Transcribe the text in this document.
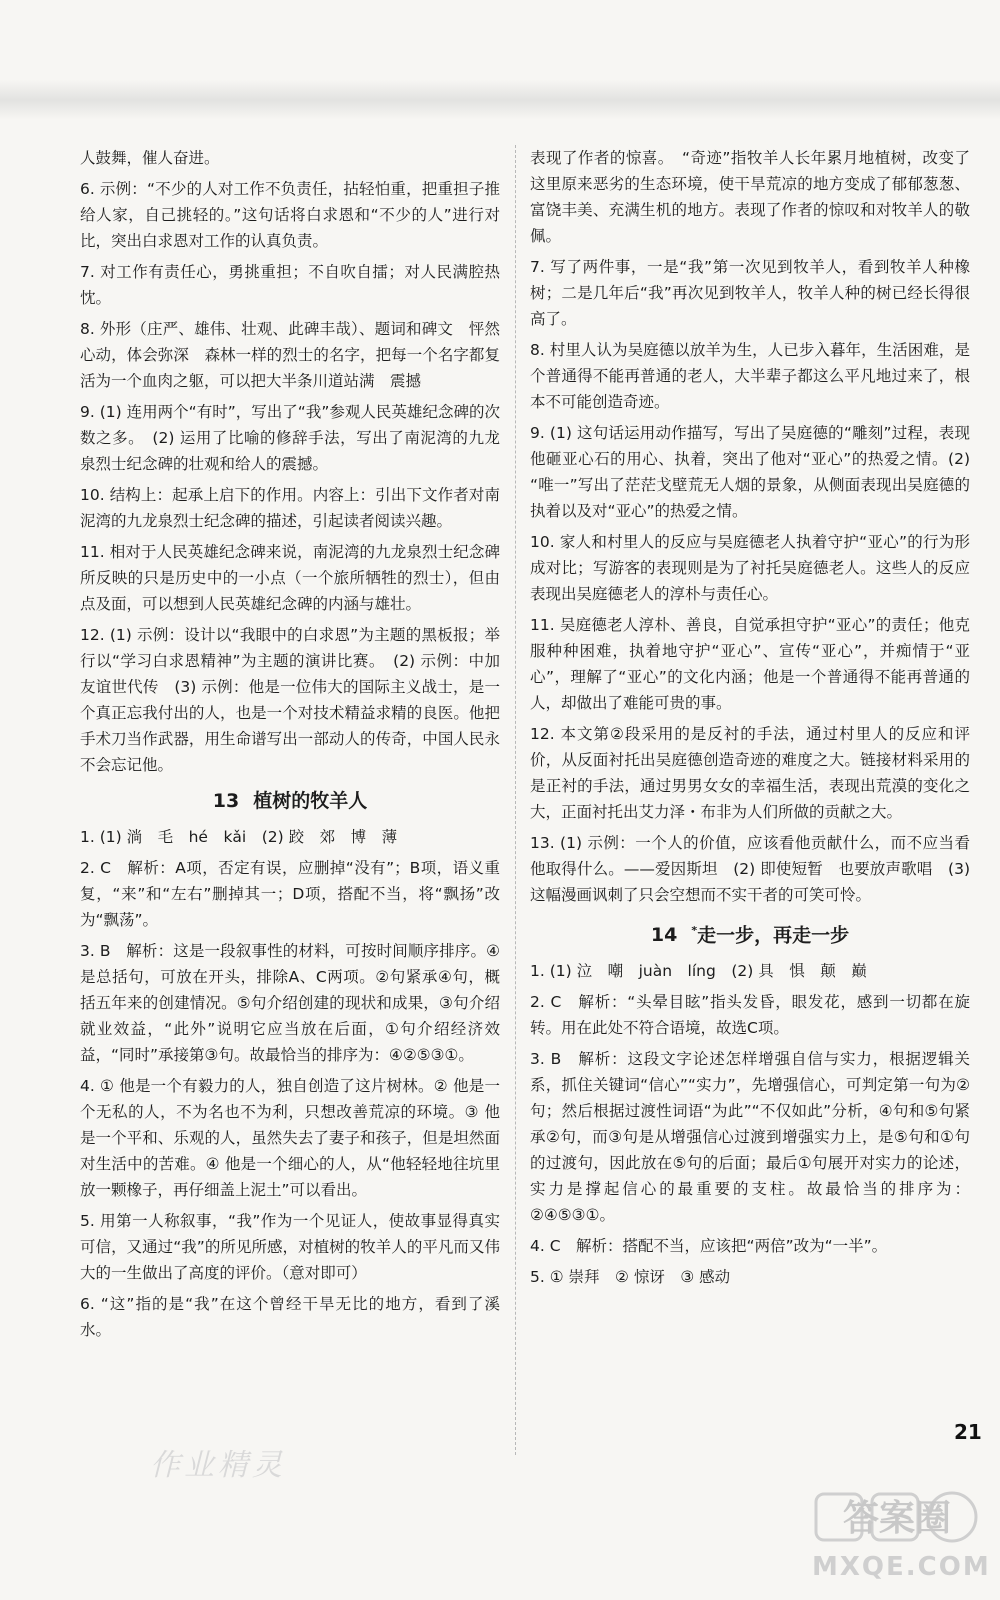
人鼓舞，催人奋进。

6. 示例：“不少的人对工作不负责任，拈轻怕重，把重担子推给人家，自己挑轻的。”这句话将白求恩和“不少的人”进行对比，突出白求恩对工作的认真负责。

7. 对工作有责任心，勇挑重担；不自吹自擂；对人民满腔热忱。

8. 外形（庄严、雄伟、壮观、此碑丰哉）、题词和碑文　怦然心动，体会弥深　森林一样的烈士的名字，把每一个名字都复活为一个血肉之躯，可以把大半条川道站满　震撼

9. (1) 连用两个“有时”，写出了“我”参观人民英雄纪念碑的次数之多。　(2) 运用了比喻的修辞手法，写出了南泥湾的九龙泉烈士纪念碑的壮观和给人的震撼。

10. 结构上：起承上启下的作用。内容上：引出下文作者对南泥湾的九龙泉烈士纪念碑的描述，引起读者阅读兴趣。

11. 相对于人民英雄纪念碑来说，南泥湾的九龙泉烈士纪念碑所反映的只是历史中的一小点（一个旅所牺牲的烈士），但由点及面，可以想到人民英雄纪念碑的内涵与雄壮。

12. (1) 示例：设计以“我眼中的白求恩”为主题的黑板报；举行以“学习白求恩精神”为主题的演讲比赛。　(2) 示例：中加友谊世代传　(3) 示例：他是一位伟大的国际主义战士，是一个真正忘我付出的人，也是一个对技术精益求精的良医。他把手术刀当作武器，用生命谱写出一部动人的传奇，中国人民永不会忘记他。

13 植树的牧羊人

1. (1) 淌　毛　hé　kǎi　(2) 跤　郊　博　薄

2. C　解析：A项，否定有误，应删掉“没有”；B项，语义重复，“来”和“左右”删掉其一；D项，搭配不当，将“飘扬”改为“飘荡”。

3. B　解析：这是一段叙事性的材料，可按时间顺序排序。④是总括句，可放在开头，排除A、C两项。②句紧承④句，概括五年来的创建情况。⑤句介绍创建的现状和成果，③句介绍就业效益，“此外”说明它应当放在后面，①句介绍经济效益，“同时”承接第③句。故最恰当的排序为：④②⑤③①。

4. ① 他是一个有毅力的人，独自创造了这片树林。② 他是一个无私的人，不为名也不为利，只想改善荒凉的环境。③ 他是一个平和、乐观的人，虽然失去了妻子和孩子，但是坦然面对生活中的苦难。④ 他是一个细心的人，从“他轻轻地往坑里放一颗橡子，再仔细盖上泥土”可以看出。

5. 用第一人称叙事，“我”作为一个见证人，使故事显得真实可信，又通过“我”的所见所感，对植树的牧羊人的平凡而又伟大的一生做出了高度的评价。（意对即可）

6. “这”指的是“我”在这个曾经干旱无比的地方，看到了溪水。

表现了作者的惊喜。　“奇迹”指牧羊人长年累月地植树，改变了这里原来恶劣的生态环境，使干旱荒凉的地方变成了郁郁葱葱、富饶丰美、充满生机的地方。表现了作者的惊叹和对牧羊人的敬佩。

7. 写了两件事，一是“我”第一次见到牧羊人，看到牧羊人种橡树；二是几年后“我”再次见到牧羊人，牧羊人种的树已经长得很高了。

8. 村里人认为吴庭德以放羊为生，人已步入暮年，生活困难，是个普通得不能再普通的老人，大半辈子都这么平凡地过来了，根本不可能创造奇迹。

9. (1) 这句话运用动作描写，写出了吴庭德的“雕刻”过程，表现他砸亚心石的用心、执着，突出了他对“亚心”的热爱之情。(2) “唯一”写出了茫茫戈壁荒无人烟的景象，从侧面表现出吴庭德的执着以及对“亚心”的热爱之情。

10. 家人和村里人的反应与吴庭德老人执着守护“亚心”的行为形成对比；写游客的表现则是为了衬托吴庭德老人。这些人的反应表现出吴庭德老人的淳朴与责任心。

11. 吴庭德老人淳朴、善良，自觉承担守护“亚心”的责任；他克服种种困难，执着地守护“亚心”、宣传“亚心”，并痴情于“亚心”，理解了“亚心”的文化内涵；他是一个普通得不能再普通的人，却做出了难能可贵的事。

12. 本文第②段采用的是反衬的手法，通过村里人的反应和评价，从反面衬托出吴庭德创造奇迹的难度之大。链接材料采用的是正衬的手法，通过男男女女的幸福生活，表现出荒漠的变化之大，正面衬托出艾力泽・布非为人们所做的贡献之大。

13. (1) 示例：一个人的价值，应该看他贡献什么，而不应当看他取得什么。——爱因斯坦　(2) 即使短暂　也要放声歌唱　(3) 这幅漫画讽刺了只会空想而不实干者的可笑可怜。

14 *走一步，再走一步

1. (1) 泣　嘲　juàn　líng　(2) 具　惧　颠　巅

2. C　解析：“头晕目眩”指头发昏，眼发花，感到一切都在旋转。用在此处不符合语境，故选C项。

3. B　解析：这段文字论述怎样增强自信与实力，根据逻辑关系，抓住关键词“信心”“实力”，先增强信心，可判定第一句为②句；然后根据过渡性词语“为此”“不仅如此”分析，④句和⑤句紧承②句，而③句是从增强信心过渡到增强实力上，是⑤句和①句的过渡句，因此放在⑤句的后面；最后①句展开对实力的论述，实力是撑起信心的最重要的支柱。故最恰当的排序为：②④⑤③①。

4. C　解析：搭配不当，应该把“两倍”改为“一半”。

5. ① 崇拜　② 惊讶　③ 感动

21
作业精灵
答案圈
MXQE.COM
